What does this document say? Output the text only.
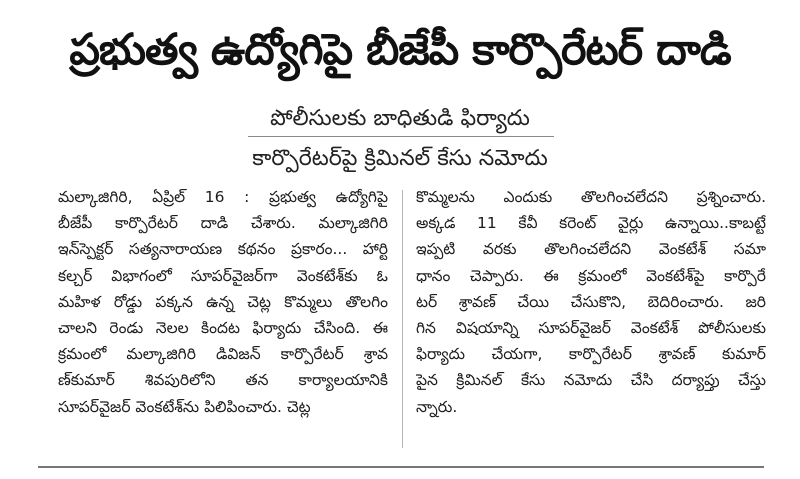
ప్రభుత్వ ఉద్యోగిపై బీజేపీ కార్పొరేటర్ దాడి
పోలీసులకు బాధితుడి ఫిర్యాదు
కార్పొరేటర్‌పై క్రిమినల్ కేసు నమోదు
మల్కాజిగిరి, ఏప్రిల్ 16 : ప్రభుత్వ ఉద్యోగిపై
బీజేపీ కార్పొరేటర్ దాడి చేశారు. మల్కాజిగిరి
ఇన్‌స్పెక్టర్ సత్యనారాయణ కథనం ప్రకారం... హార్టి
కల్చర్ విభాగంలో సూపర్‌వైజర్‌గా వెంకటేశ్‌కు ఓ
మహిళ రోడ్డు పక్కన ఉన్న చెట్ల కొమ్మలు తొలగిం
చాలని రెండు నెలల కిందట ఫిర్యాదు చేసింది. ఈ
క్రమంలో మల్కాజిగిరి డివిజన్ కార్పొరేటర్ శ్రావ
ణ్‌కుమార్ శివపురిలోని తన కార్యాలయానికి
సూపర్‌వైజర్ వెంకటేశ్‌ను పిలిపించారు. చెట్ల
కొమ్మలను ఎందుకు తొలగించలేదని ప్రశ్నించారు.
అక్కడ 11 కేవీ కరెంట్ వైర్లు ఉన్నాయి..కాబట్టే
ఇప్పటి వరకు తొలగించలేదని వెంకటేశ్ సమా
ధానం చెప్పారు. ఈ క్రమంలో వెంకటేశ్‌పై కార్పొరే
టర్ శ్రావణ్ చేయి చేసుకొని, బెదిరించారు. జరి
గిన విషయాన్ని సూపర్‌వైజర్ వెంకటేశ్ పోలీసులకు
ఫిర్యాదు చేయగా, కార్పొరేటర్ శ్రావణ్ కుమార్
పైన క్రిమినల్ కేసు నమోదు చేసి దర్యాప్తు చేస్తు
న్నారు.
